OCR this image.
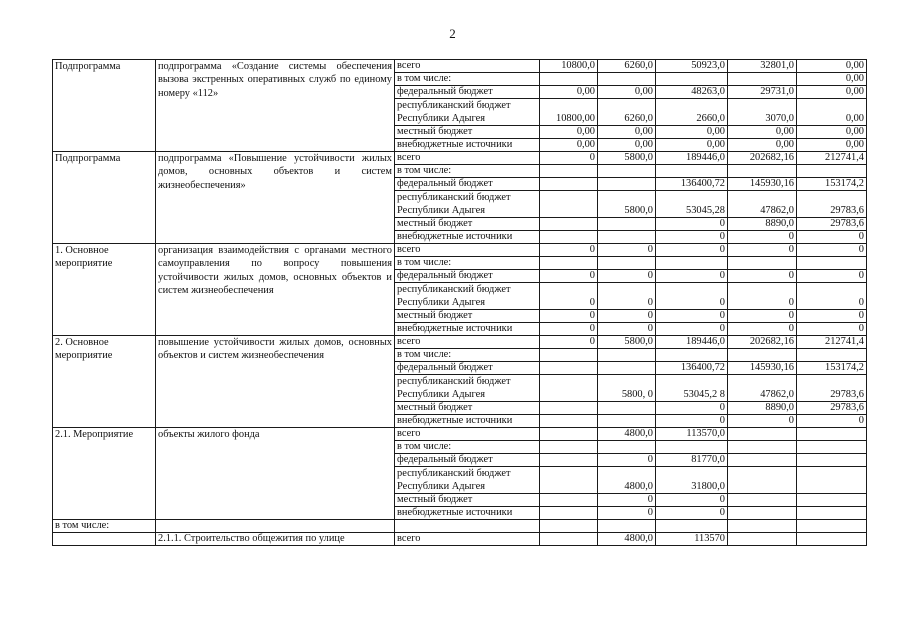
2
Подпрограмма	подпрограмма «Создание системы обеспечения вызова экстренных оперативных служб по единому номеру «112»	всего	10800,0	6260,0	50923,0	32801,0	0,00
		в том числе:					0,00
		федеральный бюджет	0,00	0,00	48263,0	29731,0	0,00
		республиканский бюджет Республики Адыгея	10800,00	6260,0	2660,0	3070,0	0,00
		местный бюджет	0,00	0,00	0,00	0,00	0,00
		внебюджетные источники	0,00	0,00	0,00	0,00	0,00
Подпрограмма	подпрограмма «Повышение устойчивости жилых домов, основных объектов и систем жизнеобеспечения»	всего	0	5800,0	189446,0	202682,16	212741,4
		в том числе:					
		федеральный бюджет			136400,72	145930,16	153174,2
		республиканский бюджет Республики Адыгея		5800,0	53045,28	47862,0	29783,6
		местный бюджет			0	8890,0	29783,6
		внебюджетные источники			0	0	0
1. Основное мероприятие	организация взаимодействия с органами местного самоуправления по вопросу повышения устойчивости жилых домов, основных объектов и систем жизнеобеспечения	всего	0	0	0	0	0
		в том числе:					
		федеральный бюджет	0	0	0	0	0
		республиканский бюджет Республики Адыгея	0	0	0	0	0
		местный бюджет	0	0	0	0	0
		внебюджетные источники	0	0	0	0	0
2. Основное мероприятие	повышение устойчивости жилых домов, основных объектов и систем жизнеобеспечения	всего	0	5800,0	189446,0	202682,16	212741,4
		в том числе:					
		федеральный бюджет			136400,72	145930,16	153174,2
		республиканский бюджет Республики Адыгея		5800, 0	53045,2 8	47862,0	29783,6
		местный бюджет			0	8890,0	29783,6
		внебюджетные источники			0	0	0
2.1. Мероприятие	объекты жилого фонда	всего		4800,0	113570,0		
		в том числе:					
		федеральный бюджет		0	81770,0		
		республиканский бюджет Республики Адыгея		4800,0	31800,0		
		местный бюджет		0	0		
		внебюджетные источники		0	0		
в том числе:							
	2.1.1. Строительство общежития по улице	всего		4800,0	113570		
